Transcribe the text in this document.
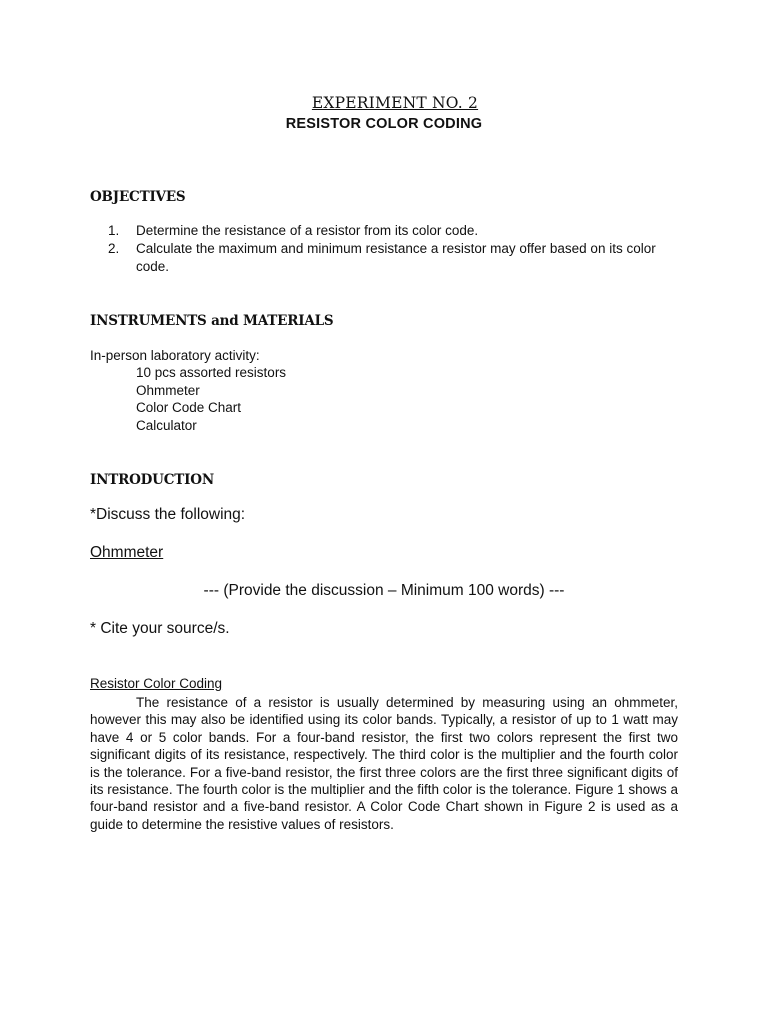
EXPERIMENT NO. 2
RESISTOR COLOR CODING
OBJECTIVES
1.	Determine the resistance of a resistor from its color code.
2.	Calculate the maximum and minimum resistance a resistor may offer based on its color code.
INSTRUMENTS and MATERIALS
In-person laboratory activity:
10 pcs assorted resistors
Ohmmeter
Color Code Chart
Calculator
INTRODUCTION
*Discuss the following:
Ohmmeter
--- (Provide the discussion – Minimum 100 words) ---
* Cite your source/s.
Resistor Color Coding
The resistance of a resistor is usually determined by measuring using an ohmmeter, however this may also be identified using its color bands. Typically, a resistor of up to 1 watt may have 4 or 5 color bands. For a four-band resistor, the first two colors represent the first two significant digits of its resistance, respectively. The third color is the multiplier and the fourth color is the tolerance. For a five-band resistor, the first three colors are the first three significant digits of its resistance. The fourth color is the multiplier and the fifth color is the tolerance. Figure 1 shows a four-band resistor and a five-band resistor. A Color Code Chart shown in Figure 2 is used as a guide to determine the resistive values of resistors.
